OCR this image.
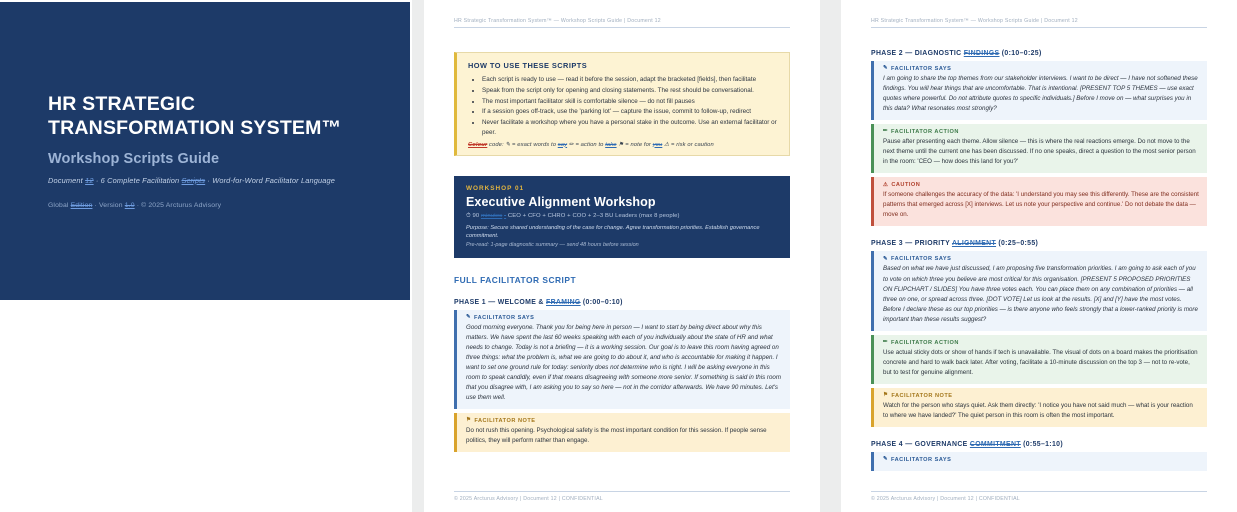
HR STRATEGIC TRANSFORMATION SYSTEM™
Workshop Scripts Guide
Document 12 · 6 Complete Facilitation Scripts · Word-for-Word Facilitator Language
Global Edition · Version 1.0 · © 2025 Arcturus Advisory
HR Strategic Transformation System™ — Workshop Scripts Guide | Document 12
HOW TO USE THESE SCRIPTS
• Each script is ready to use — read it before the session, adapt the bracketed [fields], then facilitate
• Speak from the script only for opening and closing statements. The rest should be conversational.
• The most important facilitator skill is comfortable silence — do not fill pauses
• If a session goes off-track, use the 'parking lot' — capture the issue, commit to follow-up, redirect
• Never facilitate a workshop where you have a personal stake in the outcome. Use an external facilitator or peer.
Colour code: ✎ = exact words to say ✏ = action to take ⚑ = note for you ⚠ = risk or caution
WORKSHOP 01
Executive Alignment Workshop
⏱ 90 minutes · CEO + CFO + CHRO + COO + 2–3 BU Leaders (max 8 people)
Purpose: Secure shared understanding of the case for change. Agree transformation priorities. Establish governance commitment.
Pre-read: 1-page diagnostic summary — send 48 hours before session
FULL FACILITATOR SCRIPT
PHASE 1 — WELCOME & FRAMING (0:00–0:10)
✎ FACILITATOR SAYS

Good morning everyone. Thank you for being here in person — I want to start by being direct about why this matters. We have spent the last 60 weeks speaking with each of you individually about the state of HR and what needs to change. Today is not a briefing — it is a working session. Our goal is to leave this room having agreed on three things: what the problem is, what we are going to do about it, and who is accountable for making it happen. I want to set one ground rule for today: seniority does not determine who is right. I will be asking everyone in this room to speak candidly, even if that means disagreeing with someone more senior. If something is said in this room that you disagree with, I am asking you to say so here — not in the corridor afterwards. We have 90 minutes. Let's use them well.

⚑ FACILITATOR NOTE

Do not rush this opening. Psychological safety is the most important condition for this session. If people sense politics, they will perform rather than engage.

© 2025 Arcturus Advisory | Document 12 | CONFIDENTIAL
HR Strategic Transformation System™ — Workshop Scripts Guide | Document 12
PHASE 2 — DIAGNOSTIC FINDINGS (0:10–0:25)
✎ FACILITATOR SAYS

I am going to share the top themes from our stakeholder interviews. I want to be direct — I have not softened these findings. You will hear things that are uncomfortable. That is intentional. [PRESENT TOP 5 THEMES — use exact quotes where powerful. Do not attribute quotes to specific individuals.] Before I move on — what surprises you in this data? What resonates most strongly?

✏ FACILITATOR ACTION

Pause after presenting each theme. Allow silence — this is where the real reactions emerge. Do not move to the next theme until the current one has been discussed. If no one speaks, direct a question to the most senior person in the room: 'CEO — how does this land for you?'

⚠ CAUTION

If someone challenges the accuracy of the data: 'I understand you may see this differently. These are the consistent patterns that emerged across [X] interviews. Let us note your perspective and continue.' Do not debate the data — move on.

PHASE 3 — PRIORITY ALIGNMENT (0:25–0:55)
✎ FACILITATOR SAYS

Based on what we have just discussed, I am proposing five transformation priorities. I am going to ask each of you to vote on which three you believe are most critical for this organisation. [PRESENT 5 PROPOSED PRIORITIES ON FLIPCHART / SLIDES] You have three votes each. You can place them on any combination of priorities — all three on one, or spread across three. [DOT VOTE] Let us look at the results. [X] and [Y] have the most votes. Before I declare these as our top priorities — is there anyone who feels strongly that a lower-ranked priority is more important than these results suggest?

✏ FACILITATOR ACTION

Use actual sticky dots or show of hands if tech is unavailable. The visual of dots on a board makes the prioritisation concrete and hard to walk back later. After voting, facilitate a 10-minute discussion on the top 3 — not to re-vote, but to test for genuine alignment.

⚑ FACILITATOR NOTE

Watch for the person who stays quiet. Ask them directly: 'I notice you have not said much — what is your reaction to where we have landed?' The quiet person in this room is often the most important.

PHASE 4 — GOVERNANCE COMMITMENT (0:55–1:10)
✎ FACILITATOR SAYS

© 2025 Arcturus Advisory | Document 12 | CONFIDENTIAL
